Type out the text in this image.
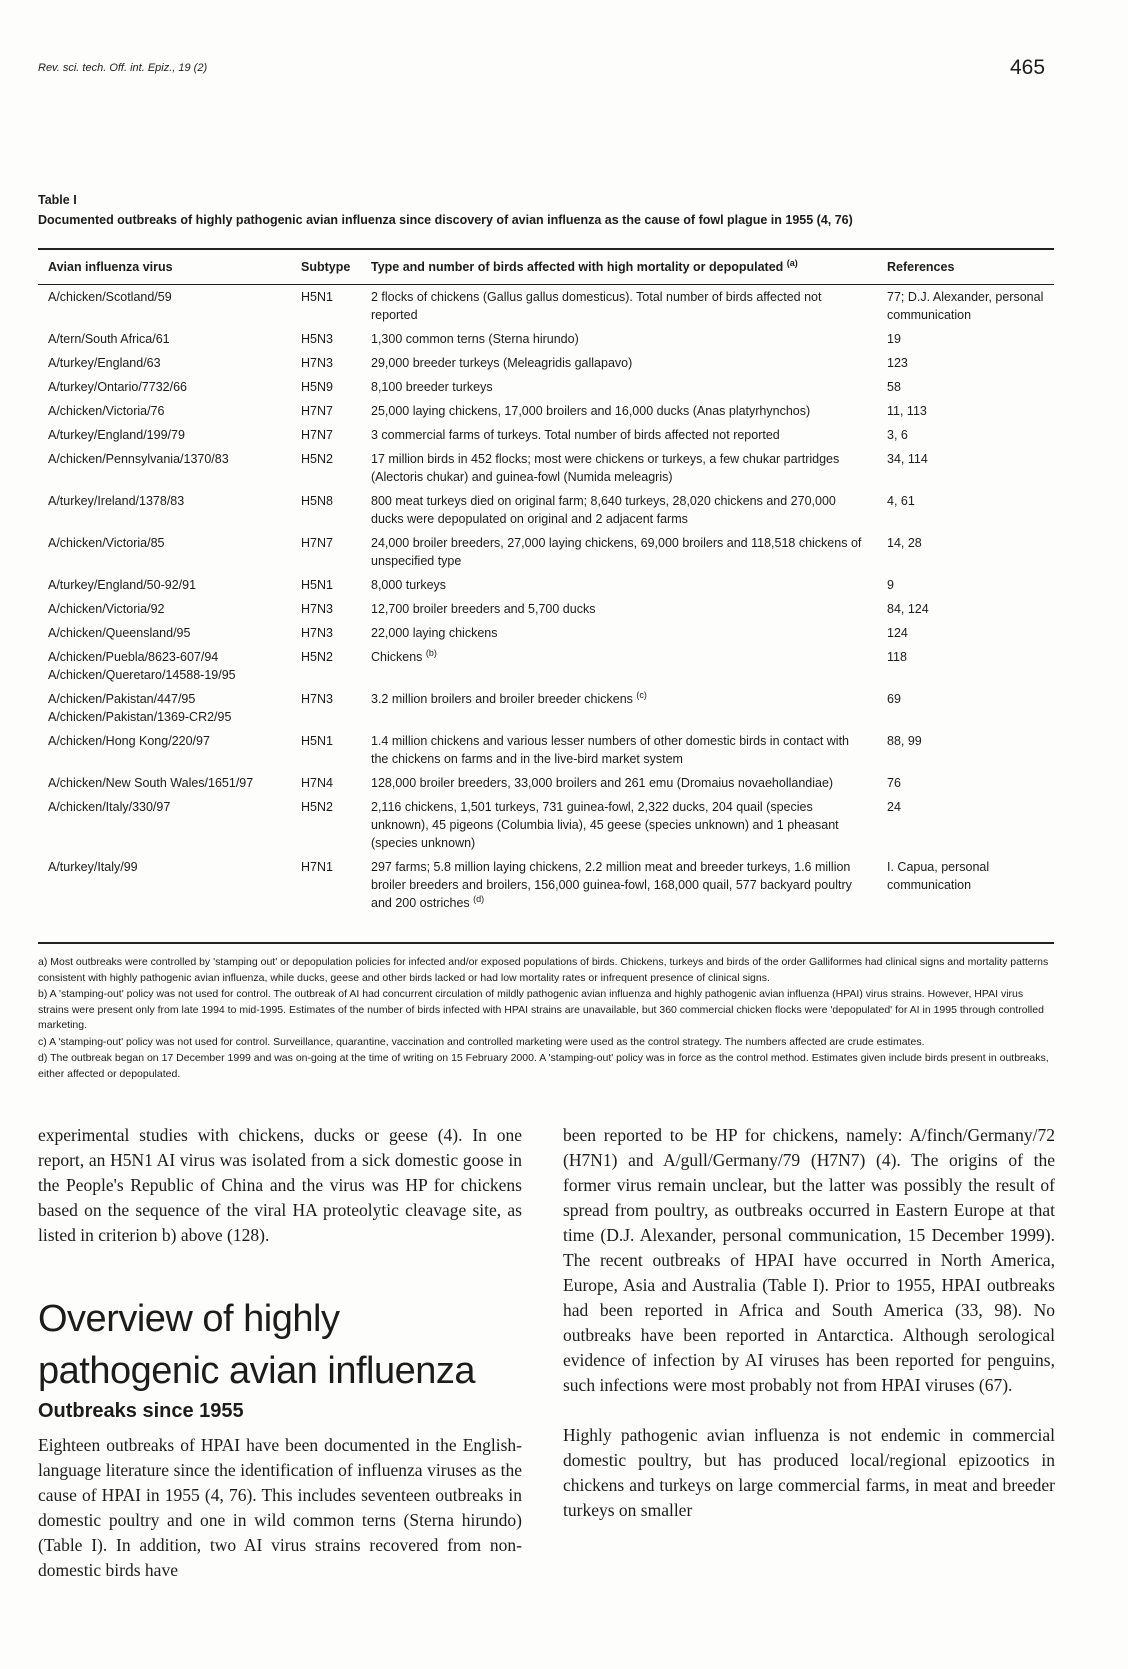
Rev. sci. tech. Off. int. Epiz., 19 (2)	465
Table I
Documented outbreaks of highly pathogenic avian influenza since discovery of avian influenza as the cause of fowl plague in 1955 (4, 76)
Avian influenza virus	Subtype	Type and number of birds affected with high mortality or depopulated $^{(a)}$	References

A/chicken/Scotland/59	H5N1	2 flocks of chickens (Gallus gallus domesticus). Total number of birds affected not reported	77; D.J. Alexander, personal communication

A/tern/South Africa/61	H5N3	1,300 common terns (Sterna hirundo)	19

A/turkey/England/63	H7N3	29,000 breeder turkeys (Meleagridis gallapavo)	123

A/turkey/Ontario/7732/66	H5N9	8,100 breeder turkeys	58

A/chicken/Victoria/76	H7N7	25,000 laying chickens, 17,000 broilers and 16,000 ducks (Anas platyrhynchos)	11, 113

A/turkey/England/199/79	H7N7	3 commercial farms of turkeys. Total number of birds affected not reported	3, 6

A/chicken/Pennsylvania/1370/83	H5N2	17 million birds in 452 flocks; most were chickens or turkeys, a few chukar partridges (Alectoris chukar) and guinea-fowl (Numida meleagris)	34, 114

A/turkey/Ireland/1378/83	H5N8	800 meat turkeys died on original farm; 8,640 turkeys, 28,020 chickens and 270,000 ducks were depopulated on original and 2 adjacent farms	4, 61

A/chicken/Victoria/85	H7N7	24,000 broiler breeders, 27,000 laying chickens, 69,000 broilers and 118,518 chickens of unspecified type	14, 28

A/turkey/England/50-92/91	H5N1	8,000 turkeys	9

A/chicken/Victoria/92	H7N3	12,700 broiler breeders and 5,700 ducks	84, 124

A/chicken/Queensland/95	H7N3	22,000 laying chickens	124

A/chicken/Puebla/8623-607/94
A/chicken/Queretaro/14588-19/95	H5N2	Chickens $^{(b)}$	118

A/chicken/Pakistan/447/95
A/chicken/Pakistan/1369-CR2/95	H7N3	3.2 million broilers and broiler breeder chickens $^{(c)}$	69

A/chicken/Hong Kong/220/97	H5N1	1.4 million chickens and various lesser numbers of other domestic birds in contact with the chickens on farms and in the live-bird market system	88, 99

A/chicken/New South Wales/1651/97	H7N4	128,000 broiler breeders, 33,000 broilers and 261 emu (Dromaius novaehollandiae)	76

A/chicken/Italy/330/97	H5N2	2,116 chickens, 1,501 turkeys, 731 guinea-fowl, 2,322 ducks, 204 quail (species unknown), 45 pigeons (Columbia livia), 45 geese (species unknown) and 1 pheasant (species unknown)	24

A/turkey/Italy/99	H7N1	297 farms; 5.8 million laying chickens, 2.2 million meat and breeder turkeys, 1.6 million broiler breeders and broilers, 156,000 guinea-fowl, 168,000 quail, 577 backyard poultry and 200 ostriches $^{(d)}$	I. Capua, personal communication

a) Most outbreaks were controlled by 'stamping out' or depopulation policies for infected and/or exposed populations of birds. Chickens, turkeys and birds of the order Galliformes had clinical signs and mortality patterns consistent with highly pathogenic avian influenza, while ducks, geese and other birds lacked or had low mortality rates or infrequent presence of clinical signs.

b) A 'stamping-out' policy was not used for control. The outbreak of AI had concurrent circulation of mildly pathogenic avian influenza and highly pathogenic avian influenza (HPAI) virus strains. However, HPAI virus strains were present only from late 1994 to mid-1995. Estimates of the number of birds infected with HPAI strains are unavailable, but 360 commercial chicken flocks were 'depopulated' for AI in 1995 through controlled marketing.

c) A 'stamping-out' policy was not used for control. Surveillance, quarantine, vaccination and controlled marketing were used as the control strategy. The numbers affected are crude estimates.

d) The outbreak began on 17 December 1999 and was on-going at the time of writing on 15 February 2000. A 'stamping-out' policy was in force as the control method. Estimates given include birds present in outbreaks, either affected or depopulated.

experimental studies with chickens, ducks or geese (4). In one report, an H5N1 AI virus was isolated from a sick domestic goose in the People's Republic of China and the virus was HP for chickens based on the sequence of the viral HA proteolytic cleavage site, as listed in criterion b) above (128).

Overview of highly pathogenic avian influenza
Outbreaks since 1955

Eighteen outbreaks of HPAI have been documented in the English-language literature since the identification of influenza viruses as the cause of HPAI in 1955 (4, 76). This includes seventeen outbreaks in domestic poultry and one in wild common terns (Sterna hirundo) (Table I). In addition, two AI virus strains recovered from non-domestic birds have

been reported to be HP for chickens, namely: A/finch/Germany/72 (H7N1) and A/gull/Germany/79 (H7N7) (4). The origins of the former virus remain unclear, but the latter was possibly the result of spread from poultry, as outbreaks occurred in Eastern Europe at that time (D.J. Alexander, personal communication, 15 December 1999). The recent outbreaks of HPAI have occurred in North America, Europe, Asia and Australia (Table I). Prior to 1955, HPAI outbreaks had been reported in Africa and South America (33, 98). No outbreaks have been reported in Antarctica. Although serological evidence of infection by AI viruses has been reported for penguins, such infections were most probably not from HPAI viruses (67).

Highly pathogenic avian influenza is not endemic in commercial domestic poultry, but has produced local/regional epizootics in chickens and turkeys on large commercial farms, in meat and breeder turkeys on smaller
